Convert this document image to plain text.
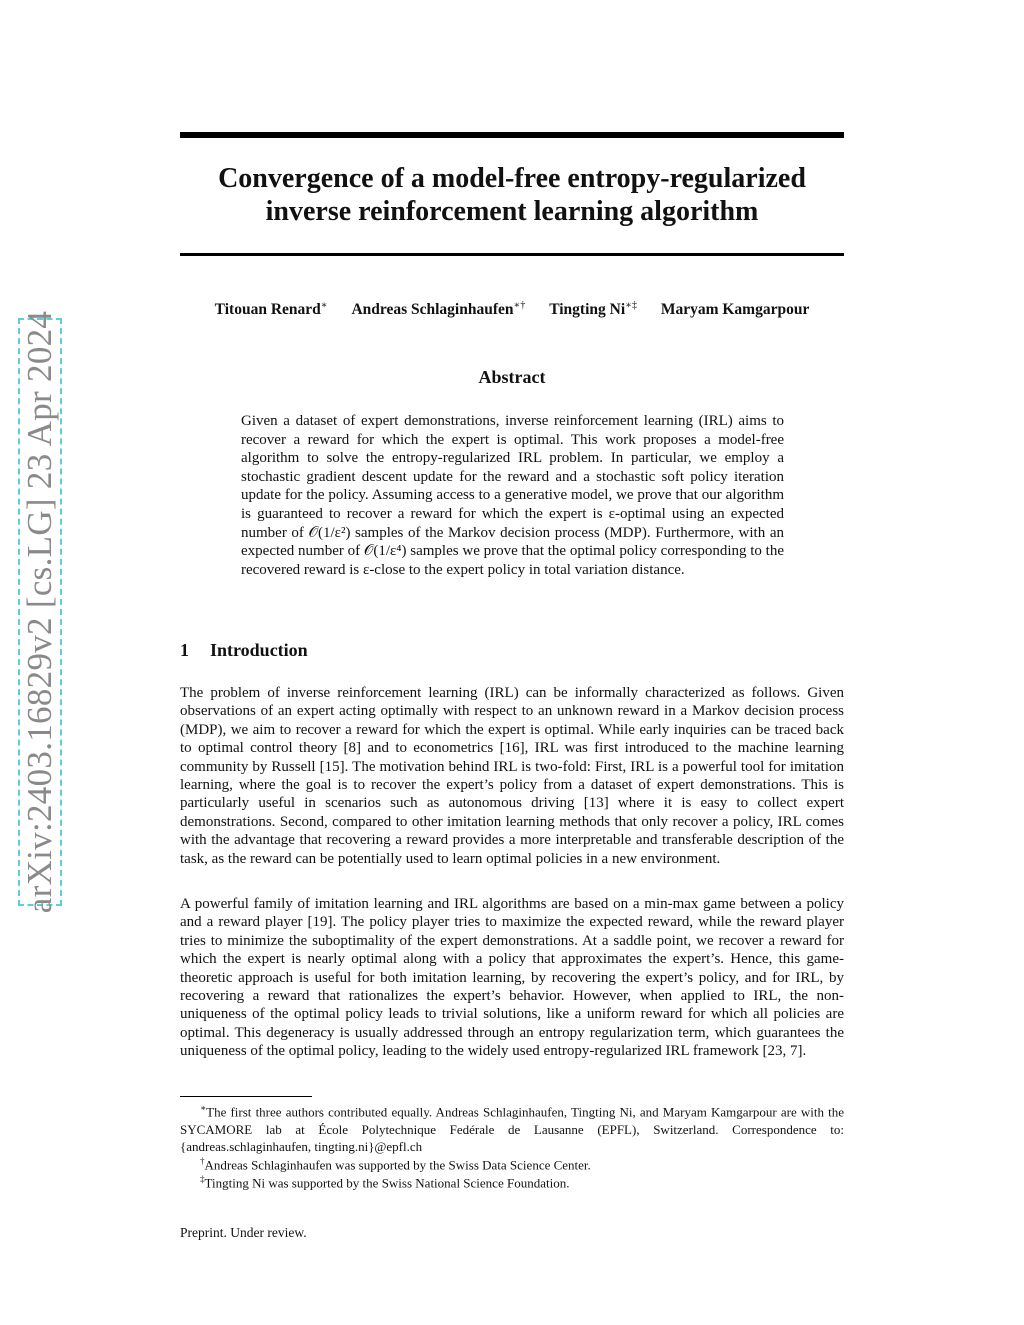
arXiv:2403.16829v2 [cs.LG] 23 Apr 2024
Convergence of a model-free entropy-regularized
inverse reinforcement learning algorithm
Titouan Renard∗ Andreas Schlaginhaufen∗† Tingting Ni∗‡ Maryam Kamgarpour
Abstract

Given a dataset of expert demonstrations, inverse reinforcement learning (IRL) aims to recover a reward for which the expert is optimal. This work proposes a model-free algorithm to solve the entropy-regularized IRL problem. In particular, we employ a stochastic gradient descent update for the reward and a stochastic soft policy iteration update for the policy. Assuming access to a generative model, we prove that our algorithm is guaranteed to recover a reward for which the expert is ε-optimal using an expected number of 𝒪(1/ε²) samples of the Markov decision process (MDP). Furthermore, with an expected number of 𝒪(1/ε⁴) samples we prove that the optimal policy corresponding to the recovered reward is ε-close to the expert policy in total variation distance.

1 Introduction

The problem of inverse reinforcement learning (IRL) can be informally characterized as follows. Given observations of an expert acting optimally with respect to an unknown reward in a Markov decision process (MDP), we aim to recover a reward for which the expert is optimal. While early inquiries can be traced back to optimal control theory [8] and to econometrics [16], IRL was first introduced to the machine learning community by Russell [15]. The motivation behind IRL is two-fold: First, IRL is a powerful tool for imitation learning, where the goal is to recover the expert’s policy from a dataset of expert demonstrations. This is particularly useful in scenarios such as autonomous driving [13] where it is easy to collect expert demonstrations. Second, compared to other imitation learning methods that only recover a policy, IRL comes with the advantage that recovering a reward provides a more interpretable and transferable description of the task, as the reward can be potentially used to learn optimal policies in a new environment.

A powerful family of imitation learning and IRL algorithms are based on a min-max game between a policy and a reward player [19]. The policy player tries to maximize the expected reward, while the reward player tries to minimize the suboptimality of the expert demonstrations. At a saddle point, we recover a reward for which the expert is nearly optimal along with a policy that approximates the expert’s. Hence, this game-theoretic approach is useful for both imitation learning, by recovering the expert’s policy, and for IRL, by recovering a reward that rationalizes the expert’s behavior. However, when applied to IRL, the non-uniqueness of the optimal policy leads to trivial solutions, like a uniform reward for which all policies are optimal. This degeneracy is usually addressed through an entropy regularization term, which guarantees the uniqueness of the optimal policy, leading to the widely used entropy-regularized IRL framework [23, 7].

∗The first three authors contributed equally. Andreas Schlaginhaufen, Tingting Ni, and Maryam Kamgarpour are with the SYCAMORE lab at École Polytechnique Fedérale de Lausanne (EPFL), Switzerland. Correspondence to: {andreas.schlaginhaufen, tingting.ni}@epfl.ch

†Andreas Schlaginhaufen was supported by the Swiss Data Science Center.

‡Tingting Ni was supported by the Swiss National Science Foundation.

Preprint. Under review.
